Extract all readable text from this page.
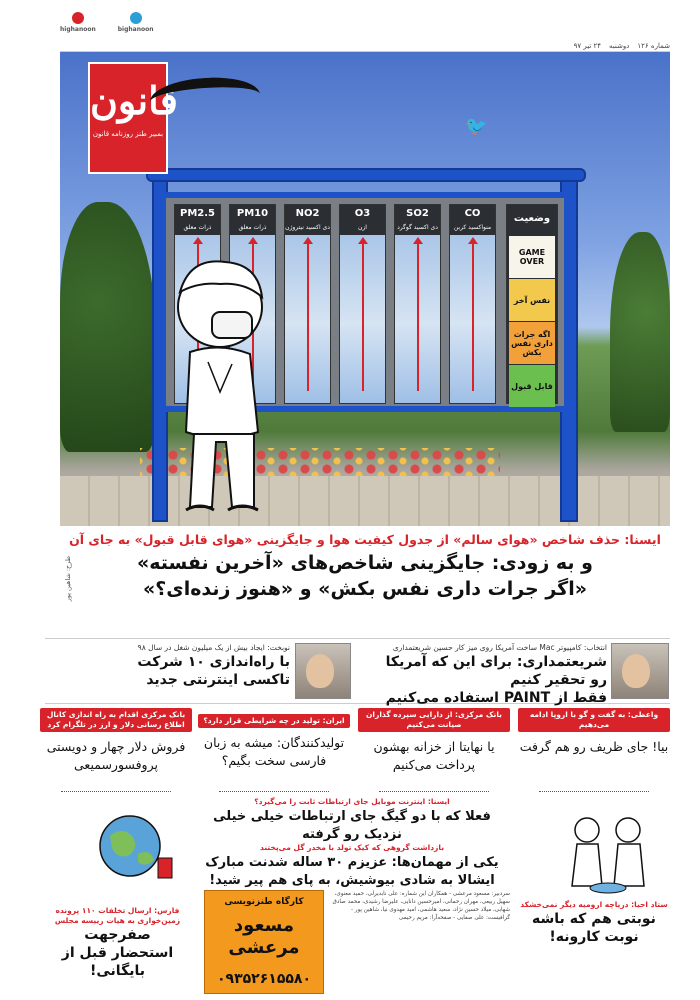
highanoon	bighanoon
شماره ۱۲۶
دوشنبه
۲۴ تیر ۹۷
PM2.5
ذرات معلق
PM10
ذرات معلق
NO2
دی اکسید نیتروژن
O3
ازن
SO2
دی اکسید گوگرد
CO
منواکسید کربن
وضعیت
GAME OVER
نفس آخر
اگه جرات داری نفس بکش
قابل قبول
🐦
قانون
بمبیر طنز روزنامه قانون
طرح: شاهین پور
ایسنا: حذف شاخص «هوای سالم» از جدول کیفیت هوا و جایگزینی «هوای قابل قبول» به جای آن
و به زودی: جایگزینی شاخص‌های «آخرین نفسته»
«اگر جرات داری نفس بکش» و «هنوز زنده‌ای؟»
انتخاب: کامپیوتر Mac ساخت آمریکا روی میز کار حسین شریعتمداری
شریعتمداری: برای این که آمریکا رو تحقیر کنیم
فقط از PAINT استفاده می‌کنیم
نوبخت: ایجاد بیش از یک میلیون شغل در سال ۹۸
با راه‌اندازی ۱۰ شرکت
تاکسی اینترنتی جدید
واعظی: به گفت و گو با اروپا ادامه می‌دهیم
بیا! جای ظریف رو هم گرفت
بانک مرکزی: از دارایی سپرده گذاران صیانت می‌کنیم
یا نهایتا از خزانه بهشون پرداخت می‌کنیم
ایران: تولید در چه شرایطی قرار دارد؟
تولیدکنندگان: میشه به زبان فارسی سخت بگیم؟
بانک مرکزی اقدام به راه اندازی کانال اطلاع رسانی دلار و ارز در تلگرام کرد
فروش دلار چهار و دویستی پروفسورسمیعی
ایسنا: اینترنت موبایل جای ارتباطات ثابت را می‌گیرد؟
فعلا که با دو گیگ جای ارتباطات خیلی خیلی نزدیک رو گرفته
بازداشت گروهی که کیک تولد با مخدر گل می‌پختند
یکی از مهمان‌ها: عزیزم ۳۰ ساله شدنت مبارک
ایشالا به شادی بیوشیش، به پای هم پیر شید!
فارس: ارسال تخلفات ۱۱۰ پرونده زمین‌خواری به هیات رییسه مجلس
صفرجهت
استحضار قبل از بایگانی!
ستاد احیا: دریاچه ارومیه دیگر نمی‌خشکد
نوبتی هم که باشه
نوبت کارونه!
کارگاه طنزنویسی
مسعود مرعشی
۰۹۳۵۲۶۱۵۵۸۰
سردبیر: مسعود مرعشی - همکاران این شماره: علی نابدیرلی، حمید معنوی، سهیل ربیعی، مهران رحمانی، امیرحسین دانایی، علیرضا رشیدی، محمد صادق شهابی، میلاد حسین نژاد، سعید هاشمی، امید مهدوی نیا، شاهین پور - گرافیست: علی صفایی - صفحه‌آرا: مریم رحیمی
